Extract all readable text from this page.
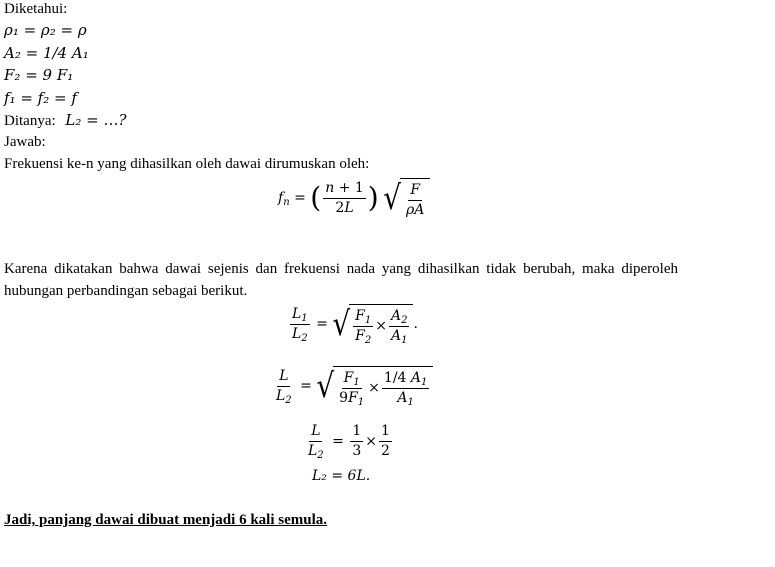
Diketahui:
ρ₁ = ρ₂ = ρ
A₂ = 1/4 A₁
F₂ = 9 F₁
f₁ = f₂ = f
Ditanya: L₂ = …?
Jawab:
Frekuensi ke-n yang dihasilkan oleh dawai dirumuskan oleh:
$f_n$ = ( $\frac{n + 1}{2L}$ ) √ $\frac{F}{\rho A}$
Karena dikatakan bahwa dawai sejenis dan frekuensi nada yang dihasilkan tidak berubah, maka diperoleh hubungan perbandingan sebagai berikut.
$\frac{L_1}{L_2}$ = √ $\frac{F_1}{F_2} \times \frac{A_2}{A_1}$ .
$\frac{L}{L_2}$ = √ $\frac{F_1}{9F_1} \times \frac{1/4 A_1}{A_1}$
$\frac{L}{L_2} = \frac{1}{3} \times \frac{1}{2}$
L₂ = 6L.
Jadi, panjang dawai dibuat menjadi 6 kali semula.
